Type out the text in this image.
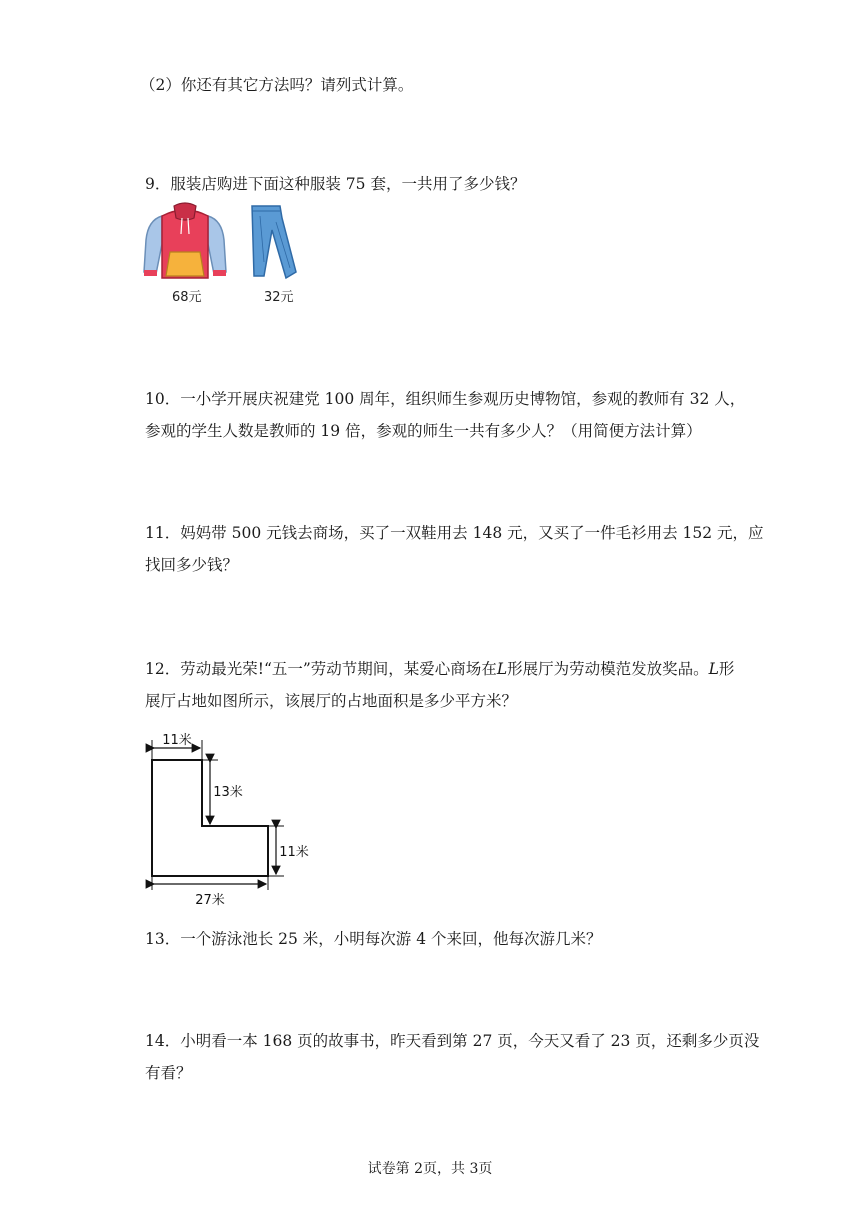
（2）你还有其它方法吗？请列式计算。
9．服装店购进下面这种服装 75 套，一共用了多少钱？
68元	32元
10．一小学开展庆祝建党 100 周年，组织师生参观历史博物馆，参观的教师有 32 人，
参观的学生人数是教师的 19 倍，参观的师生一共有多少人？（用简便方法计算）
11．妈妈带 500 元钱去商场，买了一双鞋用去 148 元，又买了一件毛衫用去 152 元，应
找回多少钱？
12．劳动最光荣!“五一”劳动节期间，某爱心商场在L形展厅为劳动模范发放奖品。L形
展厅占地如图所示，该展厅的占地面积是多少平方米？
11米
13米
11米
27米
13．一个游泳池长 25 米，小明每次游 4 个来回，他每次游几米？
14．小明看一本 168 页的故事书，昨天看到第 27 页，今天又看了 23 页，还剩多少页没
有看？
试卷第 2页，共 3页
